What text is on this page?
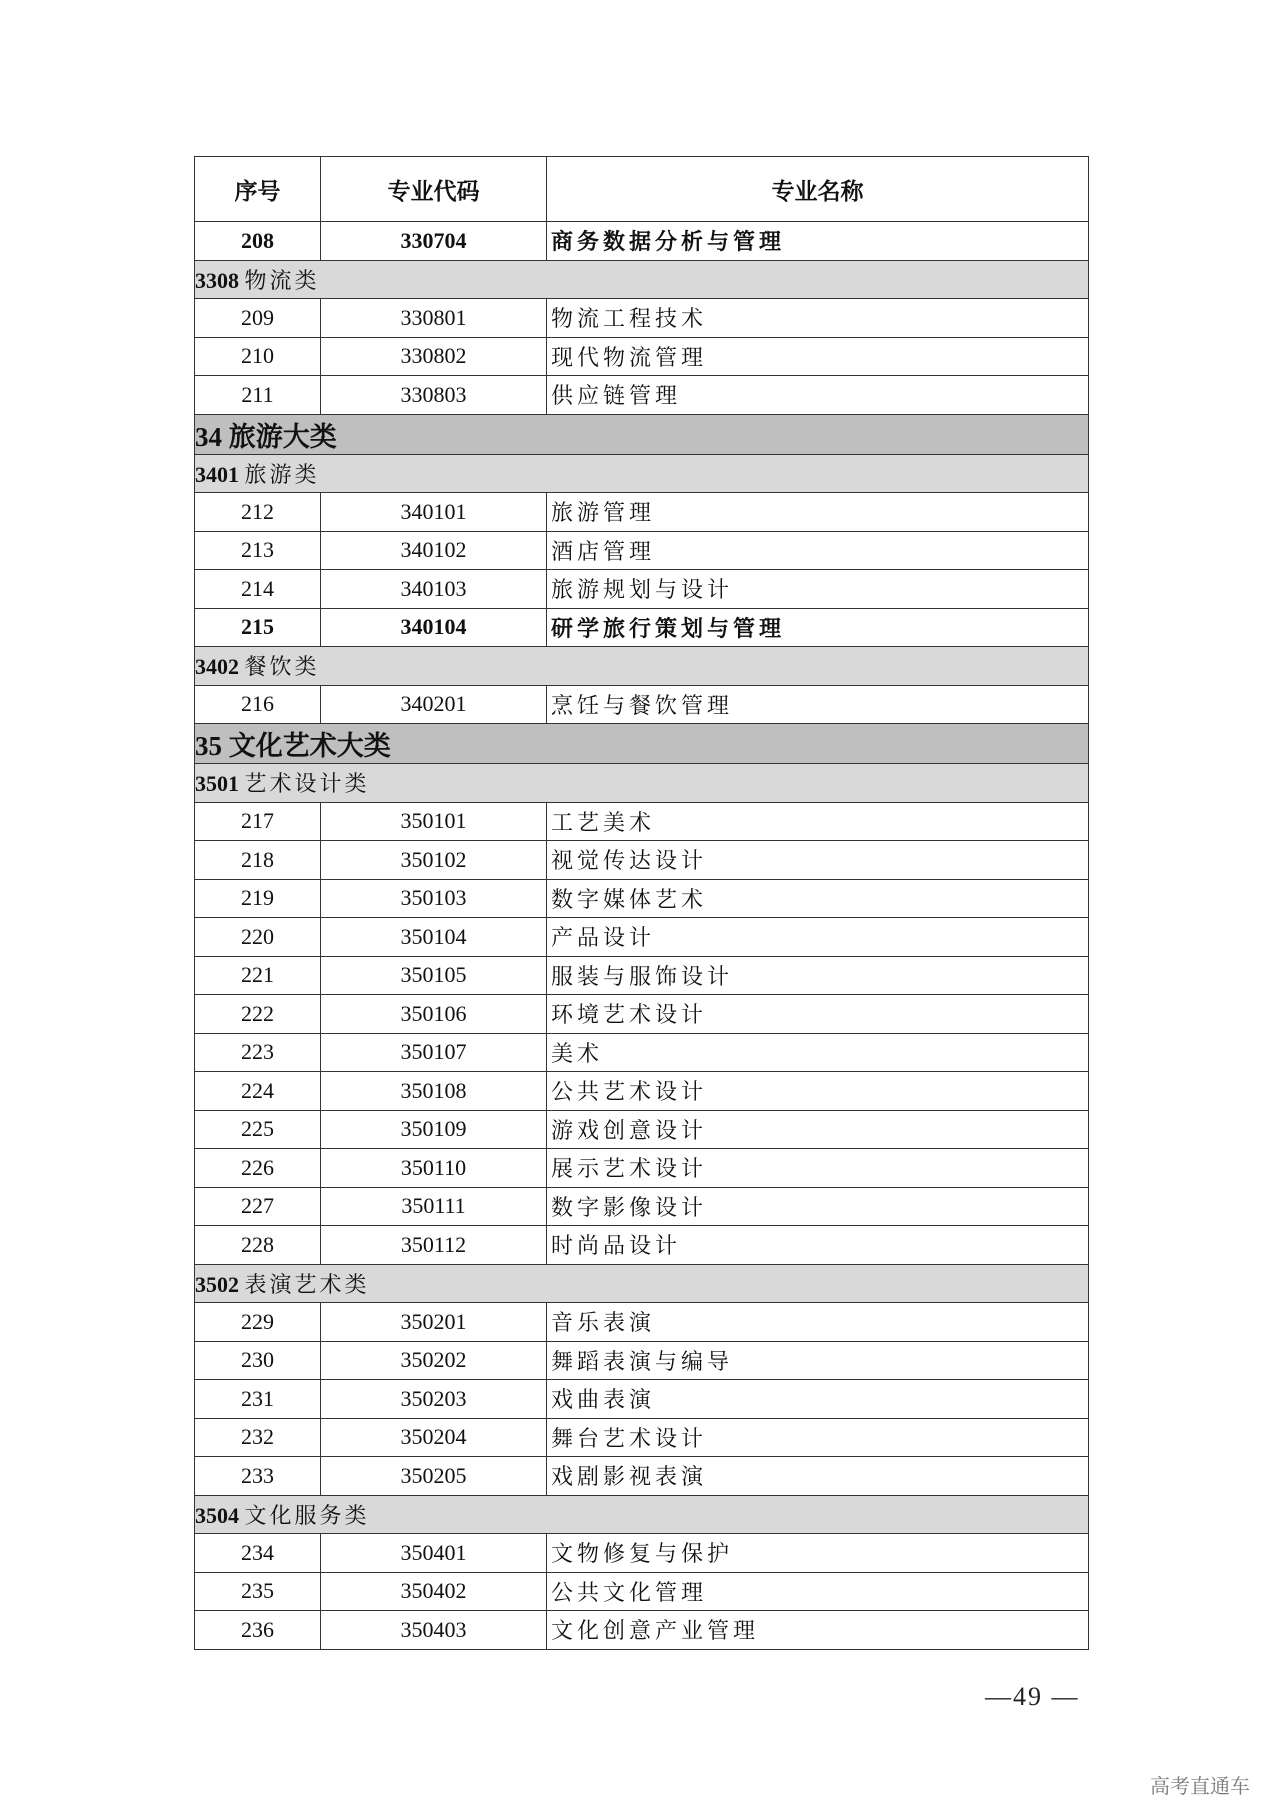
序号	专业代码	专业名称
208	330704	商务数据分析与管理
3308 物流类		
209	330801	物流工程技术
210	330802	现代物流管理
211	330803	供应链管理
34 旅游大类		
3401 旅游类		
212	340101	旅游管理
213	340102	酒店管理
214	340103	旅游规划与设计
215	340104	研学旅行策划与管理
3402 餐饮类		
216	340201	烹饪与餐饮管理
35 文化艺术大类		
3501 艺术设计类		
217	350101	工艺美术
218	350102	视觉传达设计
219	350103	数字媒体艺术
220	350104	产品设计
221	350105	服装与服饰设计
222	350106	环境艺术设计
223	350107	美术
224	350108	公共艺术设计
225	350109	游戏创意设计
226	350110	展示艺术设计
227	350111	数字影像设计
228	350112	时尚品设计
3502 表演艺术类		
229	350201	音乐表演
230	350202	舞蹈表演与编导
231	350203	戏曲表演
232	350204	舞台艺术设计
233	350205	戏剧影视表演
3504 文化服务类		
234	350401	文物修复与保护
235	350402	公共文化管理
236	350403	文化创意产业管理
—49 —
高考直通车
